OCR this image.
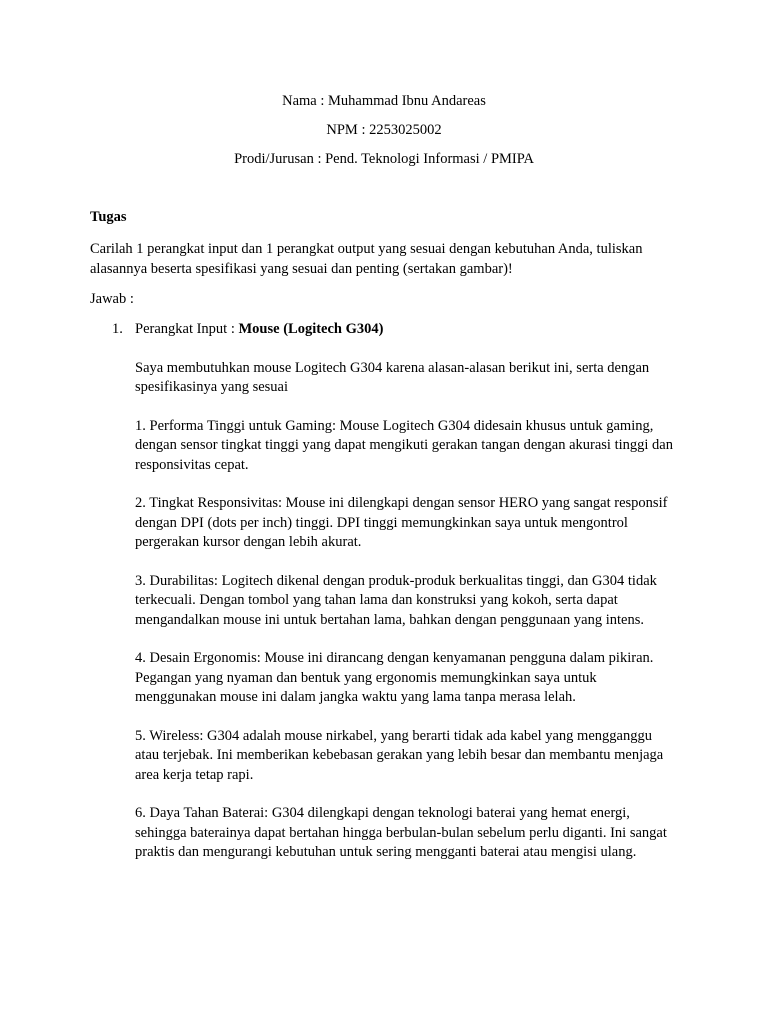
Nama : Muhammad Ibnu Andareas
NPM : 2253025002
Prodi/Jurusan : Pend. Teknologi Informasi / PMIPA
Tugas
Carilah 1 perangkat input dan 1 perangkat output yang sesuai dengan kebutuhan Anda, tuliskan alasannya beserta spesifikasi yang sesuai dan penting (sertakan gambar)!
Jawab :
1. Perangkat Input : Mouse (Logitech G304)
Saya membutuhkan mouse Logitech G304 karena alasan-alasan berikut ini, serta dengan spesifikasinya yang sesuai
1. Performa Tinggi untuk Gaming: Mouse Logitech G304 didesain khusus untuk gaming, dengan sensor tingkat tinggi yang dapat mengikuti gerakan tangan dengan akurasi tinggi dan responsivitas cepat.
2. Tingkat Responsivitas: Mouse ini dilengkapi dengan sensor HERO yang sangat responsif dengan DPI (dots per inch) tinggi. DPI tinggi memungkinkan saya untuk mengontrol pergerakan kursor dengan lebih akurat.
3. Durabilitas: Logitech dikenal dengan produk-produk berkualitas tinggi, dan G304 tidak terkecuali. Dengan tombol yang tahan lama dan konstruksi yang kokoh, serta dapat mengandalkan mouse ini untuk bertahan lama, bahkan dengan penggunaan yang intens.
4. Desain Ergonomis: Mouse ini dirancang dengan kenyamanan pengguna dalam pikiran. Pegangan yang nyaman dan bentuk yang ergonomis memungkinkan saya untuk menggunakan mouse ini dalam jangka waktu yang lama tanpa merasa lelah.
5. Wireless: G304 adalah mouse nirkabel, yang berarti tidak ada kabel yang mengganggu atau terjebak. Ini memberikan kebebasan gerakan yang lebih besar dan membantu menjaga area kerja tetap rapi.
6. Daya Tahan Baterai: G304 dilengkapi dengan teknologi baterai yang hemat energi, sehingga baterainya dapat bertahan hingga berbulan-bulan sebelum perlu diganti. Ini sangat praktis dan mengurangi kebutuhan untuk sering mengganti baterai atau mengisi ulang.
